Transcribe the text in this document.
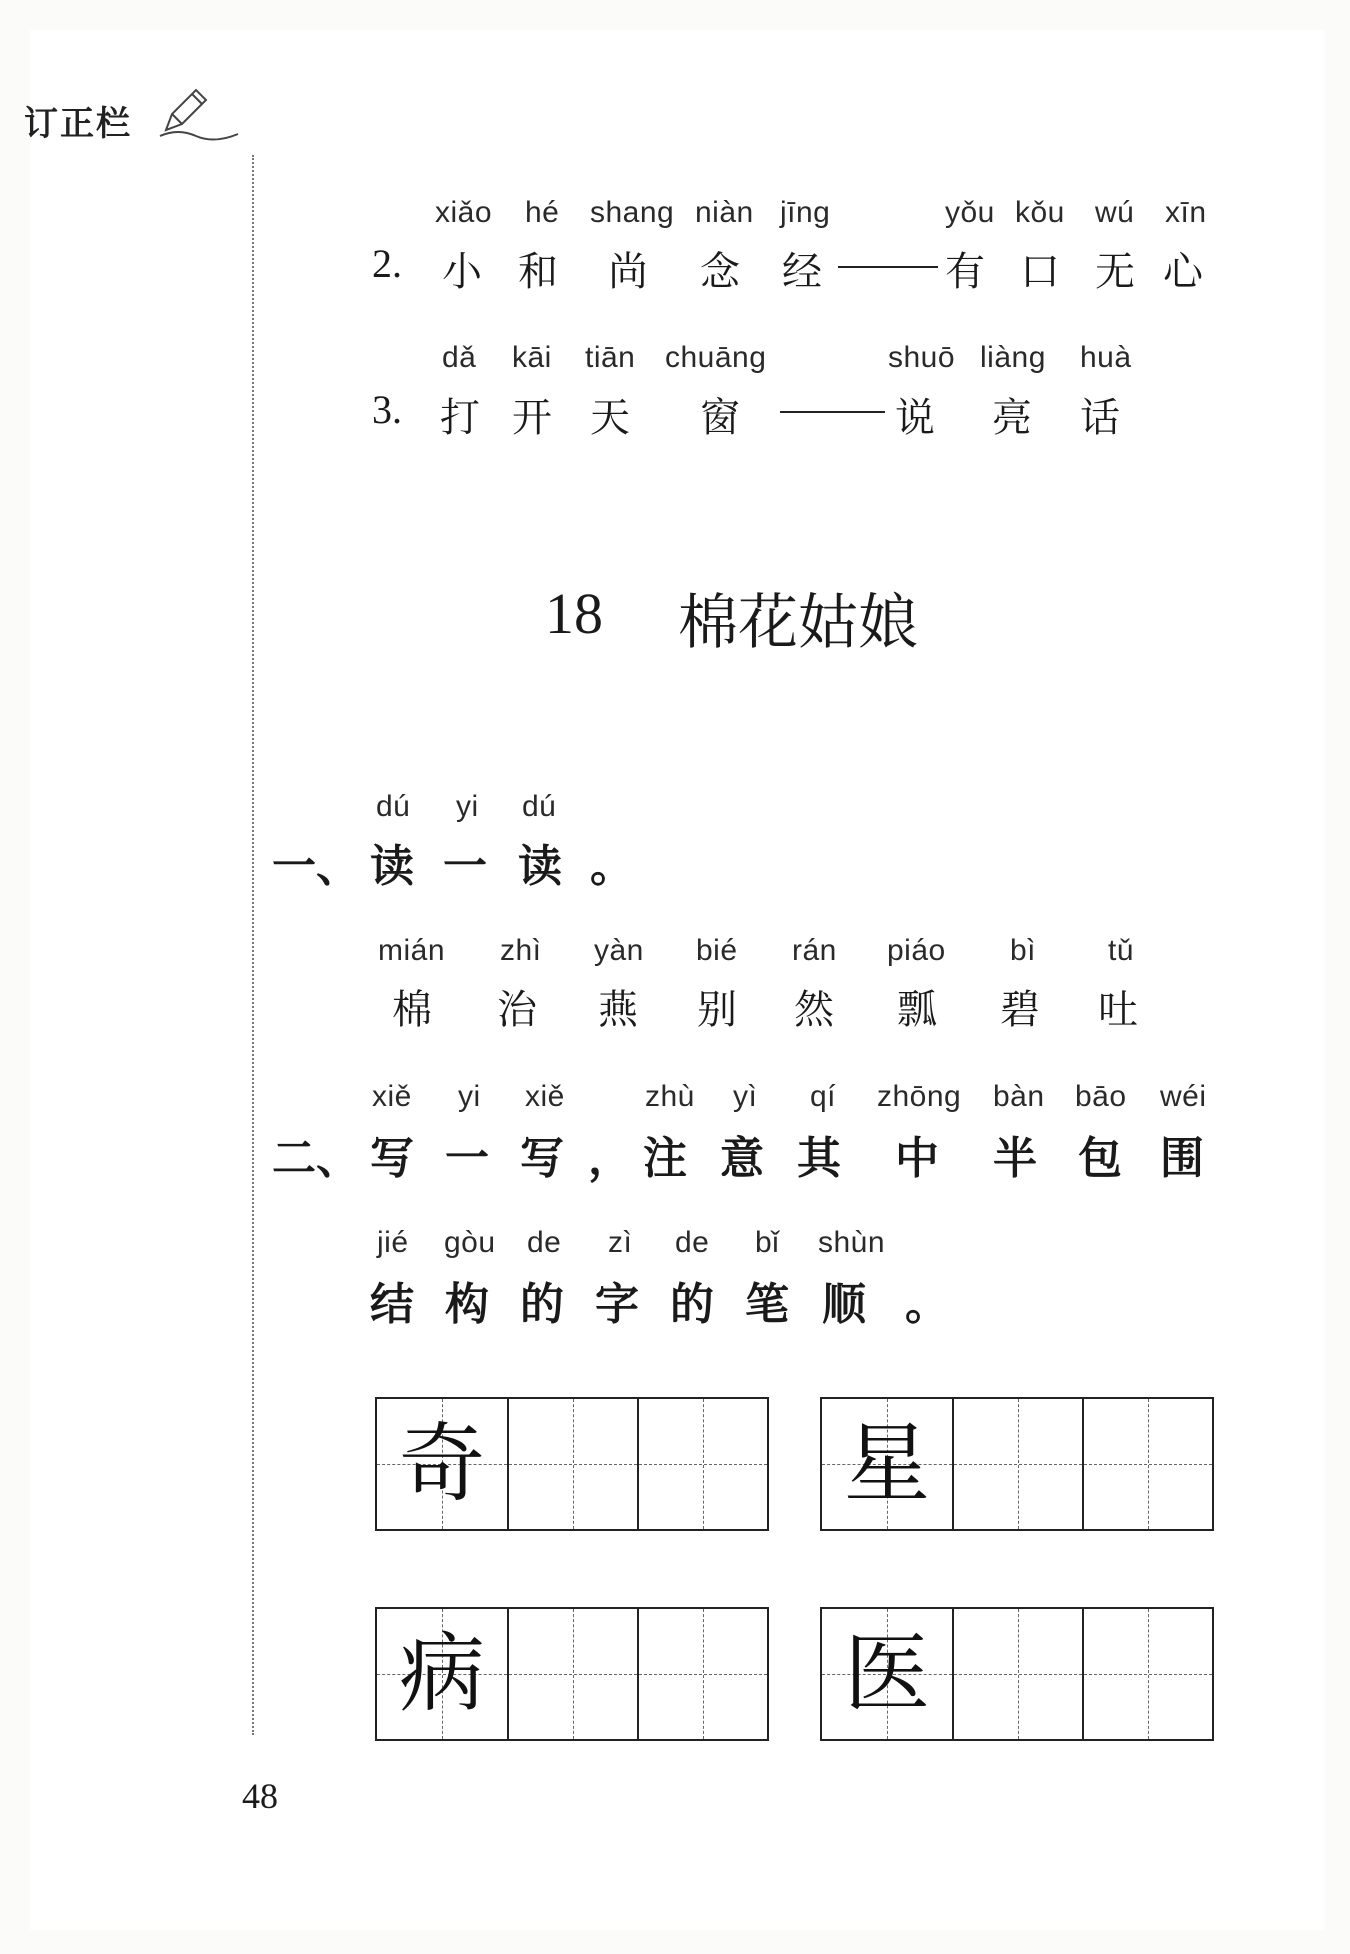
订正栏
xiǎo hé shang niàn jīng	yǒu kǒu wú xīn
2. 小 和 尚 念 经	有 口 无 心
dǎ kāi tiān chuāng	shuō liàng huà
3. 打 开 天 窗	说 亮 话
18 棉花姑娘
dú yi dú
一、 读 一 读 。
mián zhì yàn bié rán piáo bì tǔ
棉 治 燕 别 然 瓢 碧 吐
xiě yi xiě	zhù yì qí zhōng bàn bāo wéi
二、 写 一 写 ， 注 意 其 中 半 包 围
jié gòu de zì de bǐ shùn
结 构 的 字 的 笔 顺 。
奇	星
病	医
48
